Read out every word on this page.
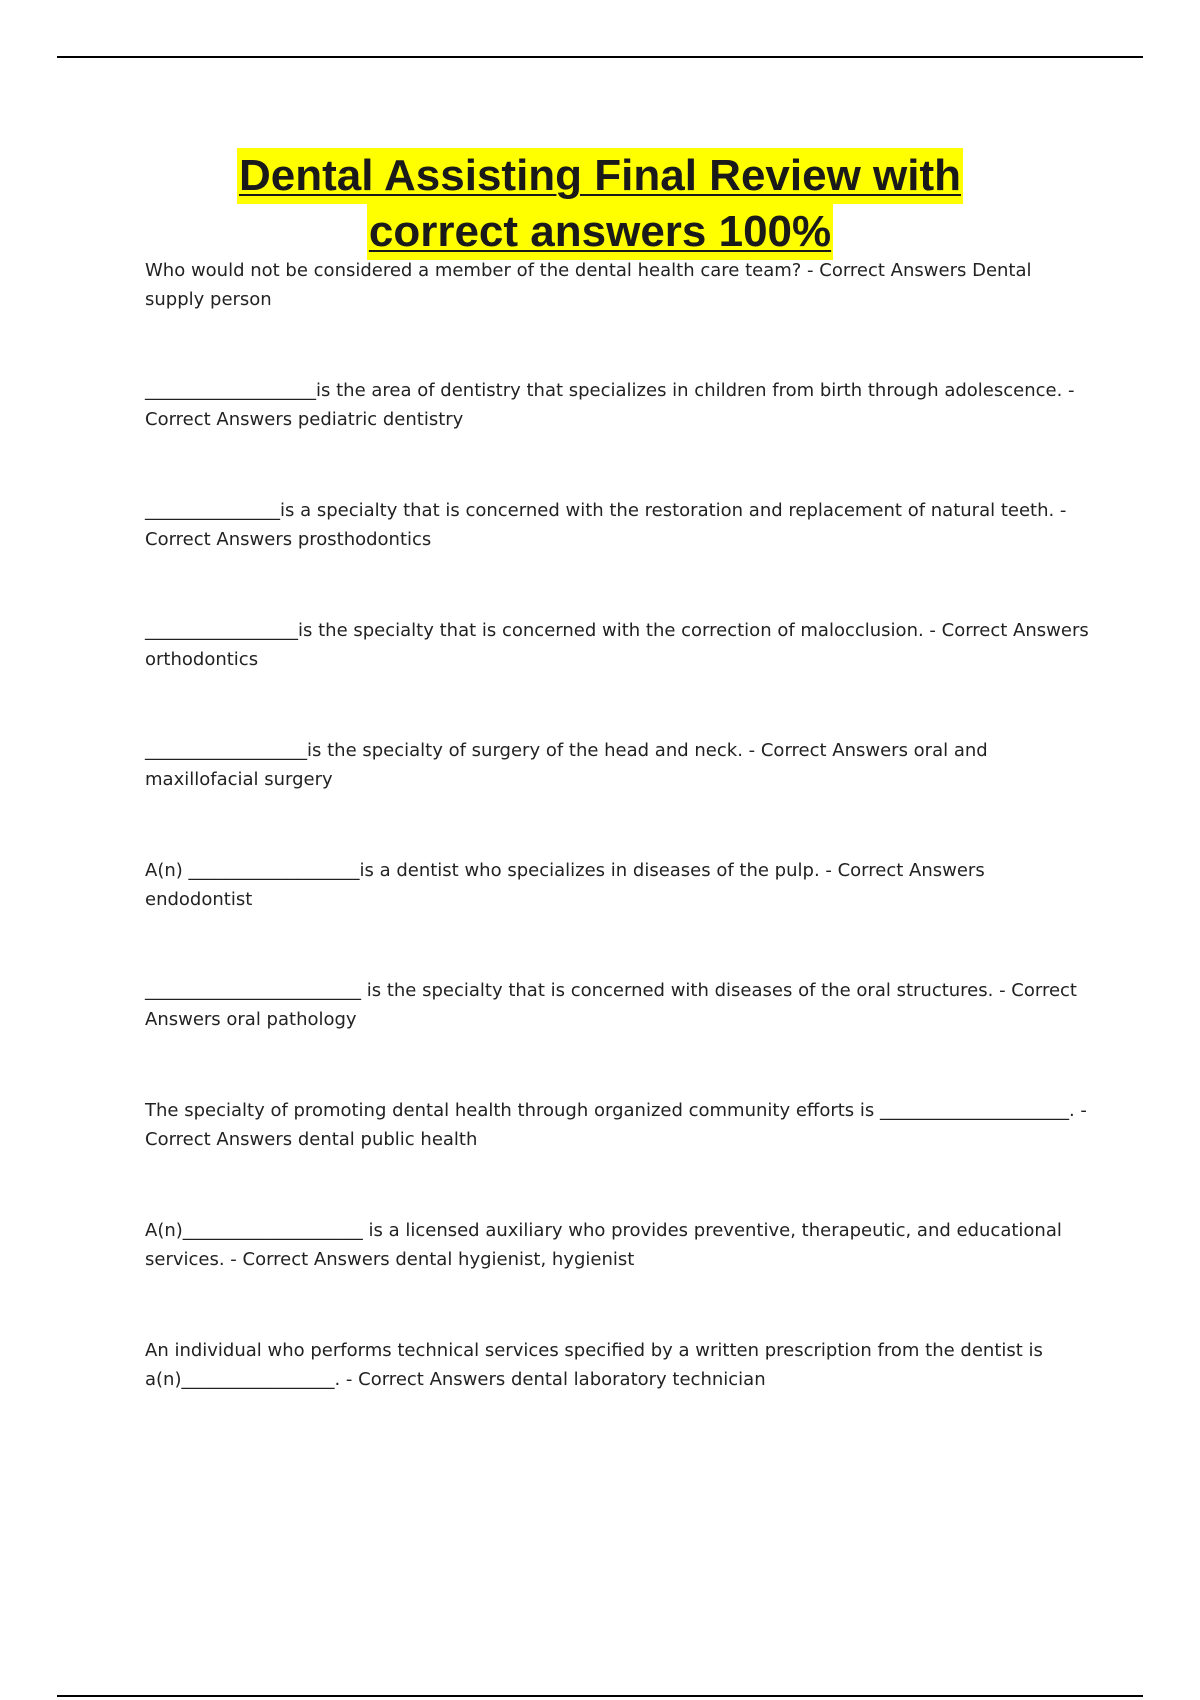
Dental Assisting Final Review with
correct answers 100%
Who would not be considered a member of the dental health care team? - Correct Answers Dental supply person
___________________is the area of dentistry that specializes in children from birth through adolescence. - Correct Answers pediatric dentistry
_______________is a specialty that is concerned with the restoration and replacement of natural teeth. - Correct Answers prosthodontics
_________________is the specialty that is concerned with the correction of malocclusion. - Correct Answers orthodontics
__________________is the specialty of surgery of the head and neck. - Correct Answers oral and maxillofacial surgery
A(n) ___________________is a dentist who specializes in diseases of the pulp. - Correct Answers endodontist
________________________ is the specialty that is concerned with diseases of the oral structures. - Correct Answers oral pathology
The specialty of promoting dental health through organized community efforts is _____________________. - Correct Answers dental public health
A(n)____________________ is a licensed auxiliary who provides preventive, therapeutic, and educational services. - Correct Answers dental hygienist, hygienist
An individual who performs technical services specified by a written prescription from the dentist is a(n)_________________. - Correct Answers dental laboratory technician
